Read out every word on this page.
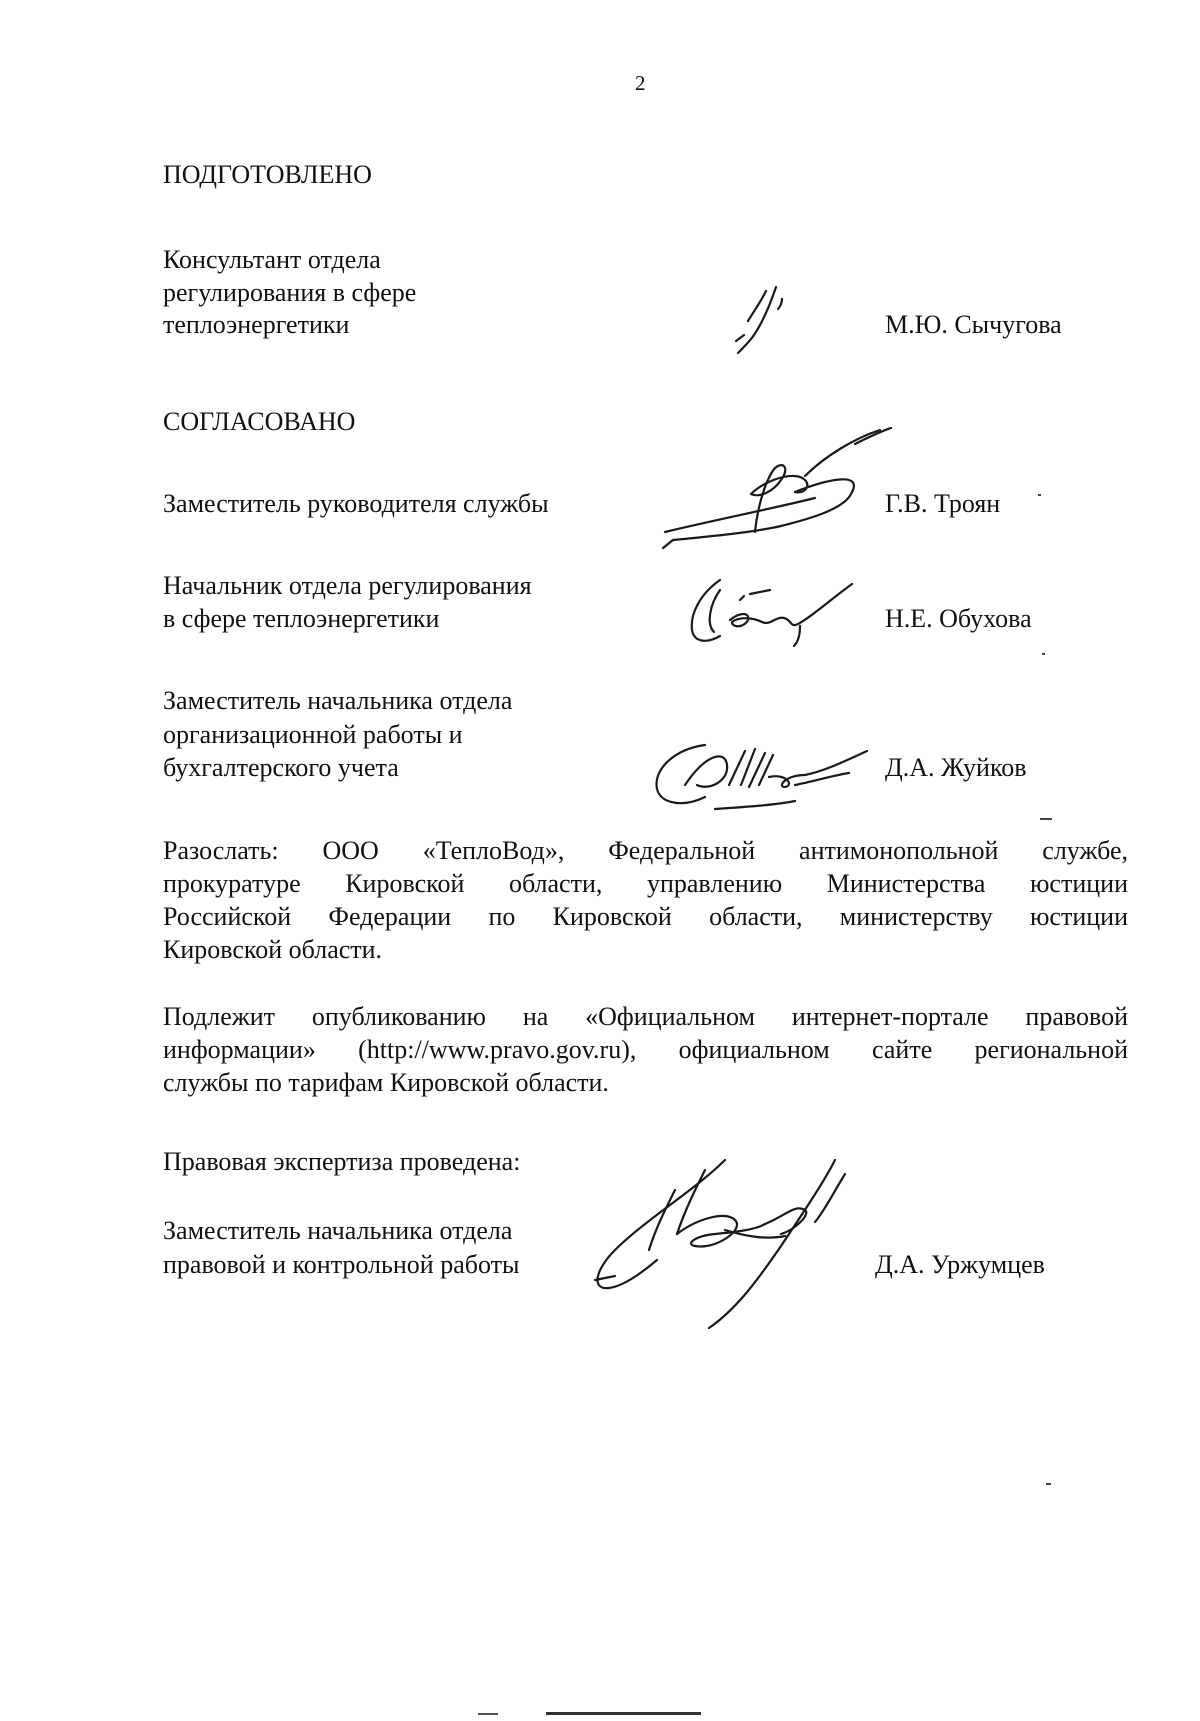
2
ПОДГОТОВЛЕНО
Консультант отдела
регулирования в сфере
теплоэнергетики	М.Ю. Сычугова
СОГЛАСОВАНО
Заместитель руководителя службы	Г.В. Троян
Начальник отдела регулирования
в сфере теплоэнергетики	Н.Е. Обухова
Заместитель начальника отдела
организационной работы и
бухгалтерского учета	Д.А. Жуйков
Разослать: ООО «ТеплоВод», Федеральной антимонопольной службе,
прокуратуре Кировской области, управлению Министерства юстиции
Российской Федерации по Кировской области, министерству юстиции
Кировской области.
Подлежит опубликованию на «Официальном интернет-портале правовой
информации» (http://www.pravo.gov.ru), официальном сайте региональной
службы по тарифам Кировской области.
Правовая экспертиза проведена:
Заместитель начальника отдела
правовой и контрольной работы	Д.А. Уржумцев
